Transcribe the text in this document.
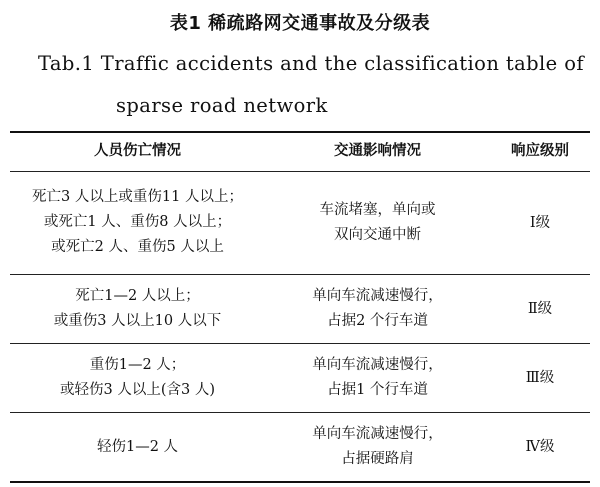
表1 稀疏路网交通事故及分级表
Tab.1 Traffic accidents and the classification table of
sparse road network
人员伤亡情况	交通影响情况	响应级别
死亡3 人以上或重伤11 人以上；
或死亡1 人、重伤8 人以上；
或死亡2 人、重伤5 人以上
车流堵塞，单向或
双向交通中断
Ⅰ级
死亡1—2 人以上；
或重伤3 人以上10 人以下
单向车流减速慢行，
占据2 个行车道
Ⅱ级
重伤1—2 人；
或轻伤3 人以上(含3 人)
单向车流减速慢行，
占据1 个行车道
Ⅲ级
轻伤1—2 人
单向车流减速慢行，
占据硬路肩
Ⅳ级
